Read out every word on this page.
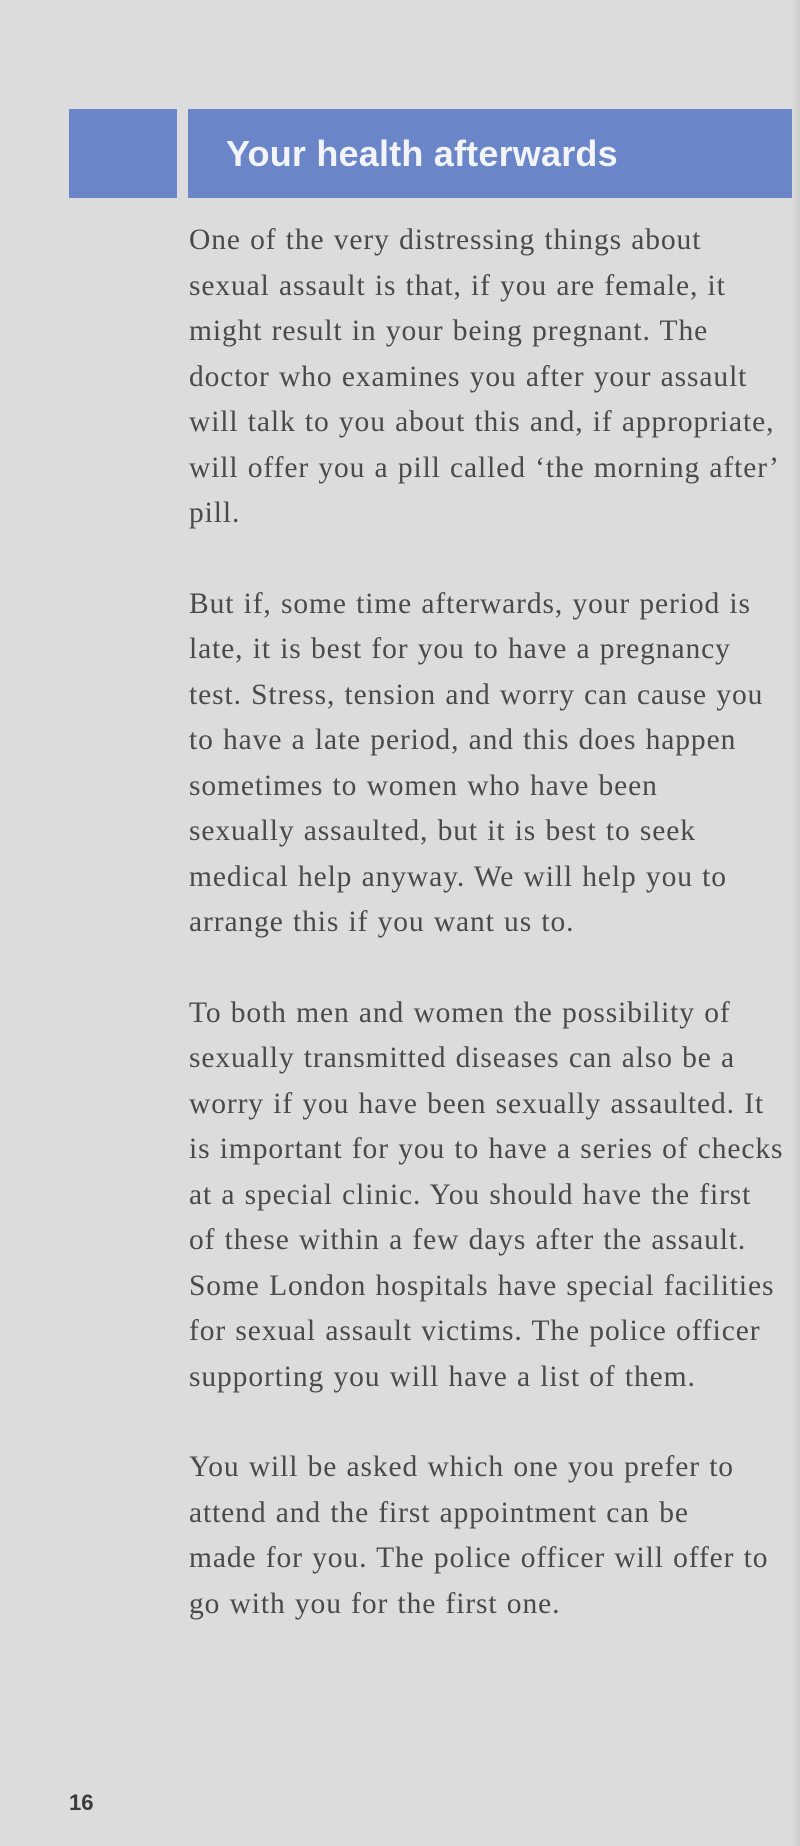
Your health afterwards

One of the very distressing things about
sexual assault is that, if you are female, it
might result in your being pregnant. The
doctor who examines you after your assault
will talk to you about this and, if appropriate,
will offer you a pill called ‘the morning after’
pill.

But if, some time afterwards, your period is
late, it is best for you to have a pregnancy
test. Stress, tension and worry can cause you
to have a late period, and this does happen
sometimes to women who have been
sexually assaulted, but it is best to seek
medical help anyway. We will help you to
arrange this if you want us to.

To both men and women the possibility of
sexually transmitted diseases can also be a
worry if you have been sexually assaulted. It
is important for you to have a series of checks
at a special clinic. You should have the first
of these within a few days after the assault.
Some London hospitals have special facilities
for sexual assault victims. The police officer
supporting you will have a list of them.

You will be asked which one you prefer to
attend and the first appointment can be
made for you. The police officer will offer to
go with you for the first one.

16
